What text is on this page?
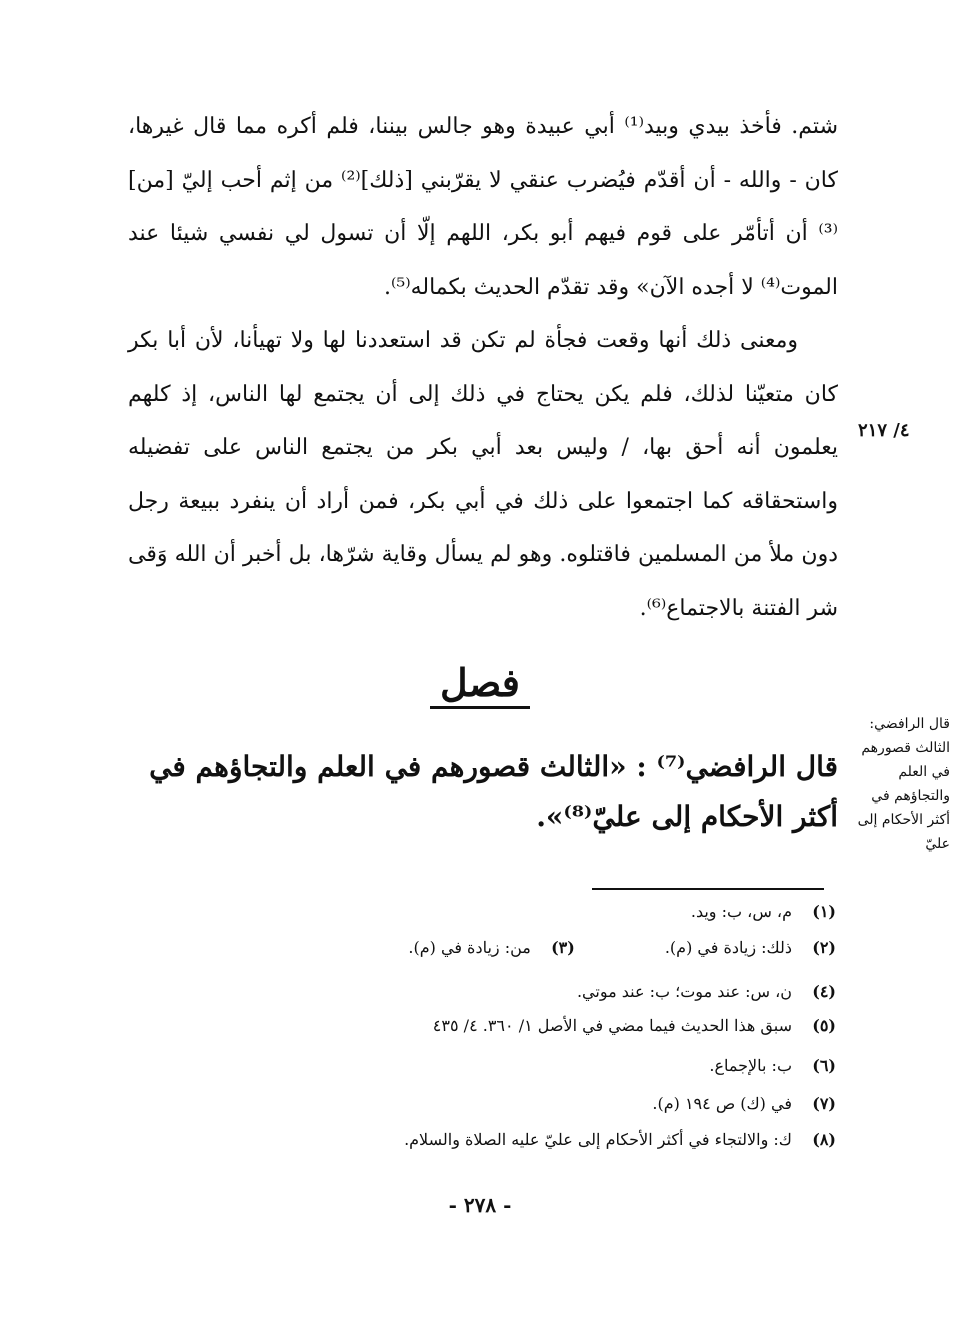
شتم. فأخذ بيدي وبيد⁽¹⁾ أبي عبيدة وهو جالس بيننا، فلم أكره مما قال غيرها، كان - والله - أن أقدّم فيُضرب عنقي لا يقرّبني [ذلك]⁽²⁾ من إثم أحب إليّ [من]⁽³⁾ أن أتأمّر على قوم فيهم أبو بكر، اللهم إلّا أن تسول لي نفسي شيئا عند الموت⁽⁴⁾ لا أجده الآن» وقد تقدّم الحديث بكماله⁽⁵⁾.

ومعنى ذلك أنها وقعت فجأة لم تكن قد استعددنا لها ولا تهيأنا، لأن أبا بكر كان متعيّنا لذلك، فلم يكن يحتاج في ذلك إلى أن يجتمع لها الناس، إذ كلهم يعلمون أنه أحق بها، / وليس بعد أبي بكر من يجتمع الناس على تفضيله واستحقاقه كما اجتمعوا على ذلك في أبي بكر، فمن أراد أن ينفرد ببيعة رجل دون ملأ من المسلمين فاقتلوه. وهو لم يسأل وقاية شرّها، بل أخبر أن الله وَقى شر الفتنة بالاجتماع⁽⁶⁾.

٤/ ٢١٧
فصل
قال الرافضي⁽⁷⁾ : «الثالث قصورهم في العلم والتجاؤهم في أكثر الأحكام إلى عليّ⁽⁸⁾».
قال الرافضي: الثالث قصورهم في العلم والتجاؤهم في أكثر الأحكام إلى عليّ
(١)م، س، ب: ويد.
(٢)ذلك: زيادة في (م).(٣)من: زيادة في (م).
(٤)ن، س: عند موت؛ ب: عند موتي.
(٥)سبق هذا الحديث فيما مضي في الأصل ١/ ٣٦٠. ٤/ ٤٣٥
(٦)ب: بالإجماع.
(٧)في (ك) ص ١٩٤ (م).
(٨)ك: والالتجاء في أكثر الأحكام إلى عليّ عليه الصلاة والسلام.
- ٢٧٨ -
